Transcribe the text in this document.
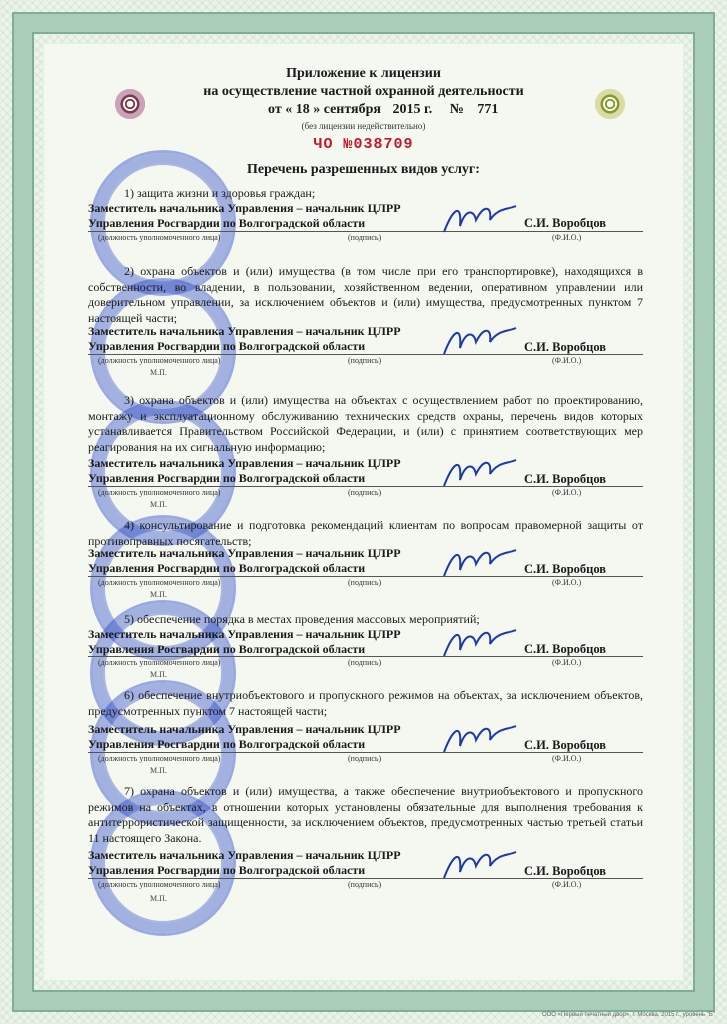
Приложение к лицензии
на осуществление частной охранной деятельности
от « 18 » сентября 2015 г. № 771
(без лицензии недействительно)
ЧО №038709
Перечень разрешенных видов услуг:
1) защита жизни и здоровья граждан;
Заместитель начальника Управления – начальник ЦЛРР
Управления Росгвардии по Волгоградской области	С.И. Воробцов
(должность уполномоченного лица)	(подпись)	(Ф.И.О.)
2) охрана объектов и (или) имущества (в том числе при его транспортировке), находящихся в собственности, во владении, в пользовании, хозяйственном ведении, оперативном управлении или доверительном управлении, за исключением объектов и (или) имущества, предусмотренных пунктом 7 настоящей части;
Заместитель начальника Управления – начальник ЦЛРР
Управления Росгвардии по Волгоградской области	С.И. Воробцов
(должность уполномоченного лица)	(подпись)	(Ф.И.О.)
М.П.
3) охрана объектов и (или) имущества на объектах с осуществлением работ по проектированию, монтажу и эксплуатационному обслуживанию технических средств охраны, перечень видов которых устанавливается Правительством Российской Федерации, и (или) с принятием соответствующих мер реагирования на их сигнальную информацию;
Заместитель начальника Управления – начальник ЦЛРР
Управления Росгвардии по Волгоградской области	С.И. Воробцов
(должность уполномоченного лица)	(подпись)	(Ф.И.О.)
М.П.
4) консультирование и подготовка рекомендаций клиентам по вопросам правомерной защиты от противоправных посягательств;
Заместитель начальника Управления – начальник ЦЛРР
Управления Росгвардии по Волгоградской области	С.И. Воробцов
(должность уполномоченного лица)	(подпись)	(Ф.И.О.)
М.П.
5) обеспечение порядка в местах проведения массовых мероприятий;
Заместитель начальника Управления – начальник ЦЛРР
Управления Росгвардии по Волгоградской области	С.И. Воробцов
(должность уполномоченного лица)	(подпись)	(Ф.И.О.)
М.П.
6) обеспечение внутриобъектового и пропускного режимов на объектах, за исключением объектов, предусмотренных пунктом 7 настоящей части;
Заместитель начальника Управления – начальник ЦЛРР
Управления Росгвардии по Волгоградской области	С.И. Воробцов
(должность уполномоченного лица)	(подпись)	(Ф.И.О.)
М.П.
7) охрана объектов и (или) имущества, а также обеспечение внутриобъектового и пропускного режимов на объектах, в отношении которых установлены обязательные для выполнения требования к антитеррористической защищенности, за исключением объектов, предусмотренных частью третьей статьи 11 настоящего Закона.
Заместитель начальника Управления – начальник ЦЛРР
Управления Росгвардии по Волгоградской области	С.И. Воробцов
(должность уполномоченного лица)	(подпись)	(Ф.И.О.)
М.П.
ООО «Первый печатный двор», г. Москва, 2015 г., уровень "Б"
